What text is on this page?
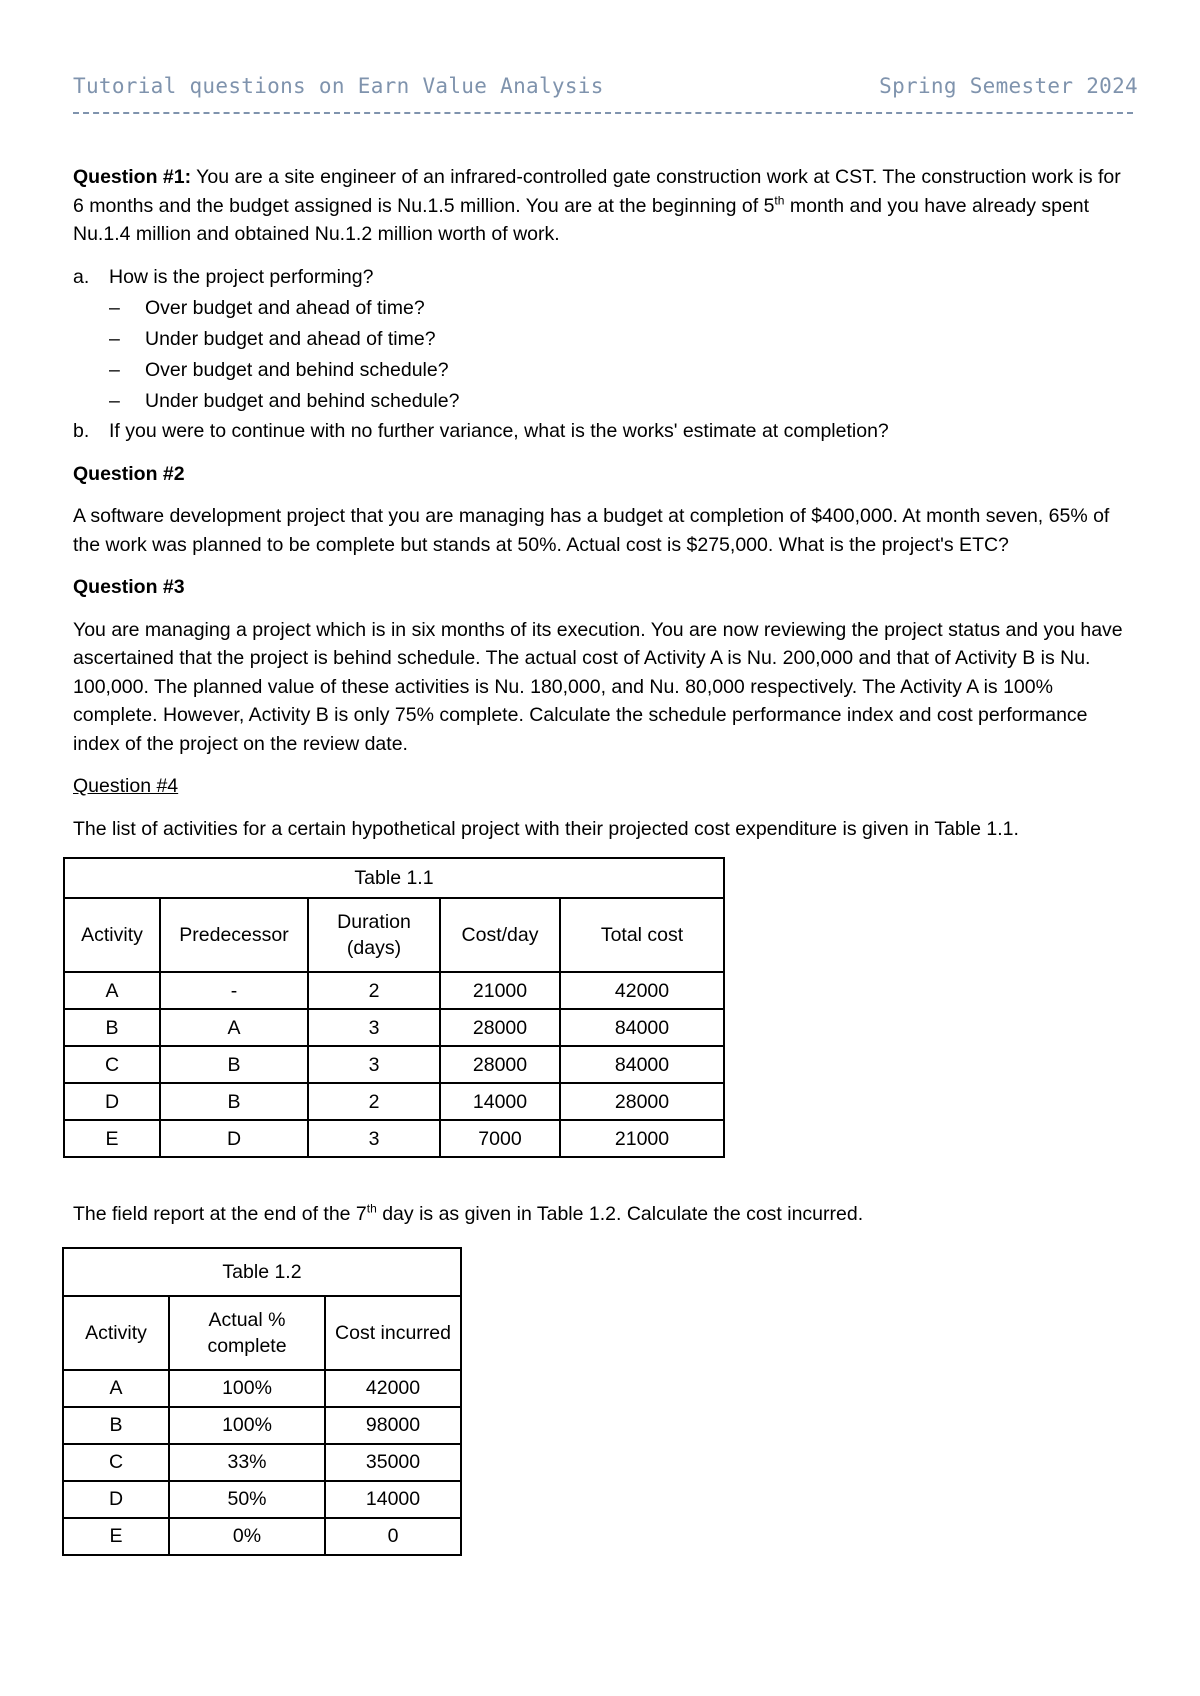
Tutorial questions on Earn Value Analysis	Spring Semester 2024

Question #1: You are a site engineer of an infrared-controlled gate construction work at CST. The construction work is for 6 months and the budget assigned is Nu.1.5 million. You are at the beginning of 5th month and you have already spent Nu.1.4 million and obtained Nu.1.2 million worth of work.

a. How is the project performing?
– Over budget and ahead of time?
– Under budget and ahead of time?
– Over budget and behind schedule?
– Under budget and behind schedule?
b. If you were to continue with no further variance, what is the works' estimate at completion?

Question #2

A software development project that you are managing has a budget at completion of $400,000. At month seven, 65% of the work was planned to be complete but stands at 50%. Actual cost is $275,000. What is the project's ETC?

Question #3

You are managing a project which is in six months of its execution. You are now reviewing the project status and you have ascertained that the project is behind schedule. The actual cost of Activity A is Nu. 200,000 and that of Activity B is Nu. 100,000. The planned value of these activities is Nu. 180,000, and Nu. 80,000 respectively. The Activity A is 100% complete. However, Activity B is only 75% complete. Calculate the schedule performance index and cost performance index of the project on the review date.

Question #4

The list of activities for a certain hypothetical project with their projected cost expenditure is given in Table 1.1.

Table 1.1				
Activity	Predecessor	Duration (days)	Cost/day	Total cost
A	-	2	21000	42000
B	A	3	28000	84000
C	B	3	28000	84000
D	B	2	14000	28000
E	D	3	7000	21000

The field report at the end of the 7th day is as given in Table 1.2. Calculate the cost incurred.

Table 1.2		
Activity	Actual % complete	Cost incurred
A	100%	42000
B	100%	98000
C	33%	35000
D	50%	14000
E	0%	0
